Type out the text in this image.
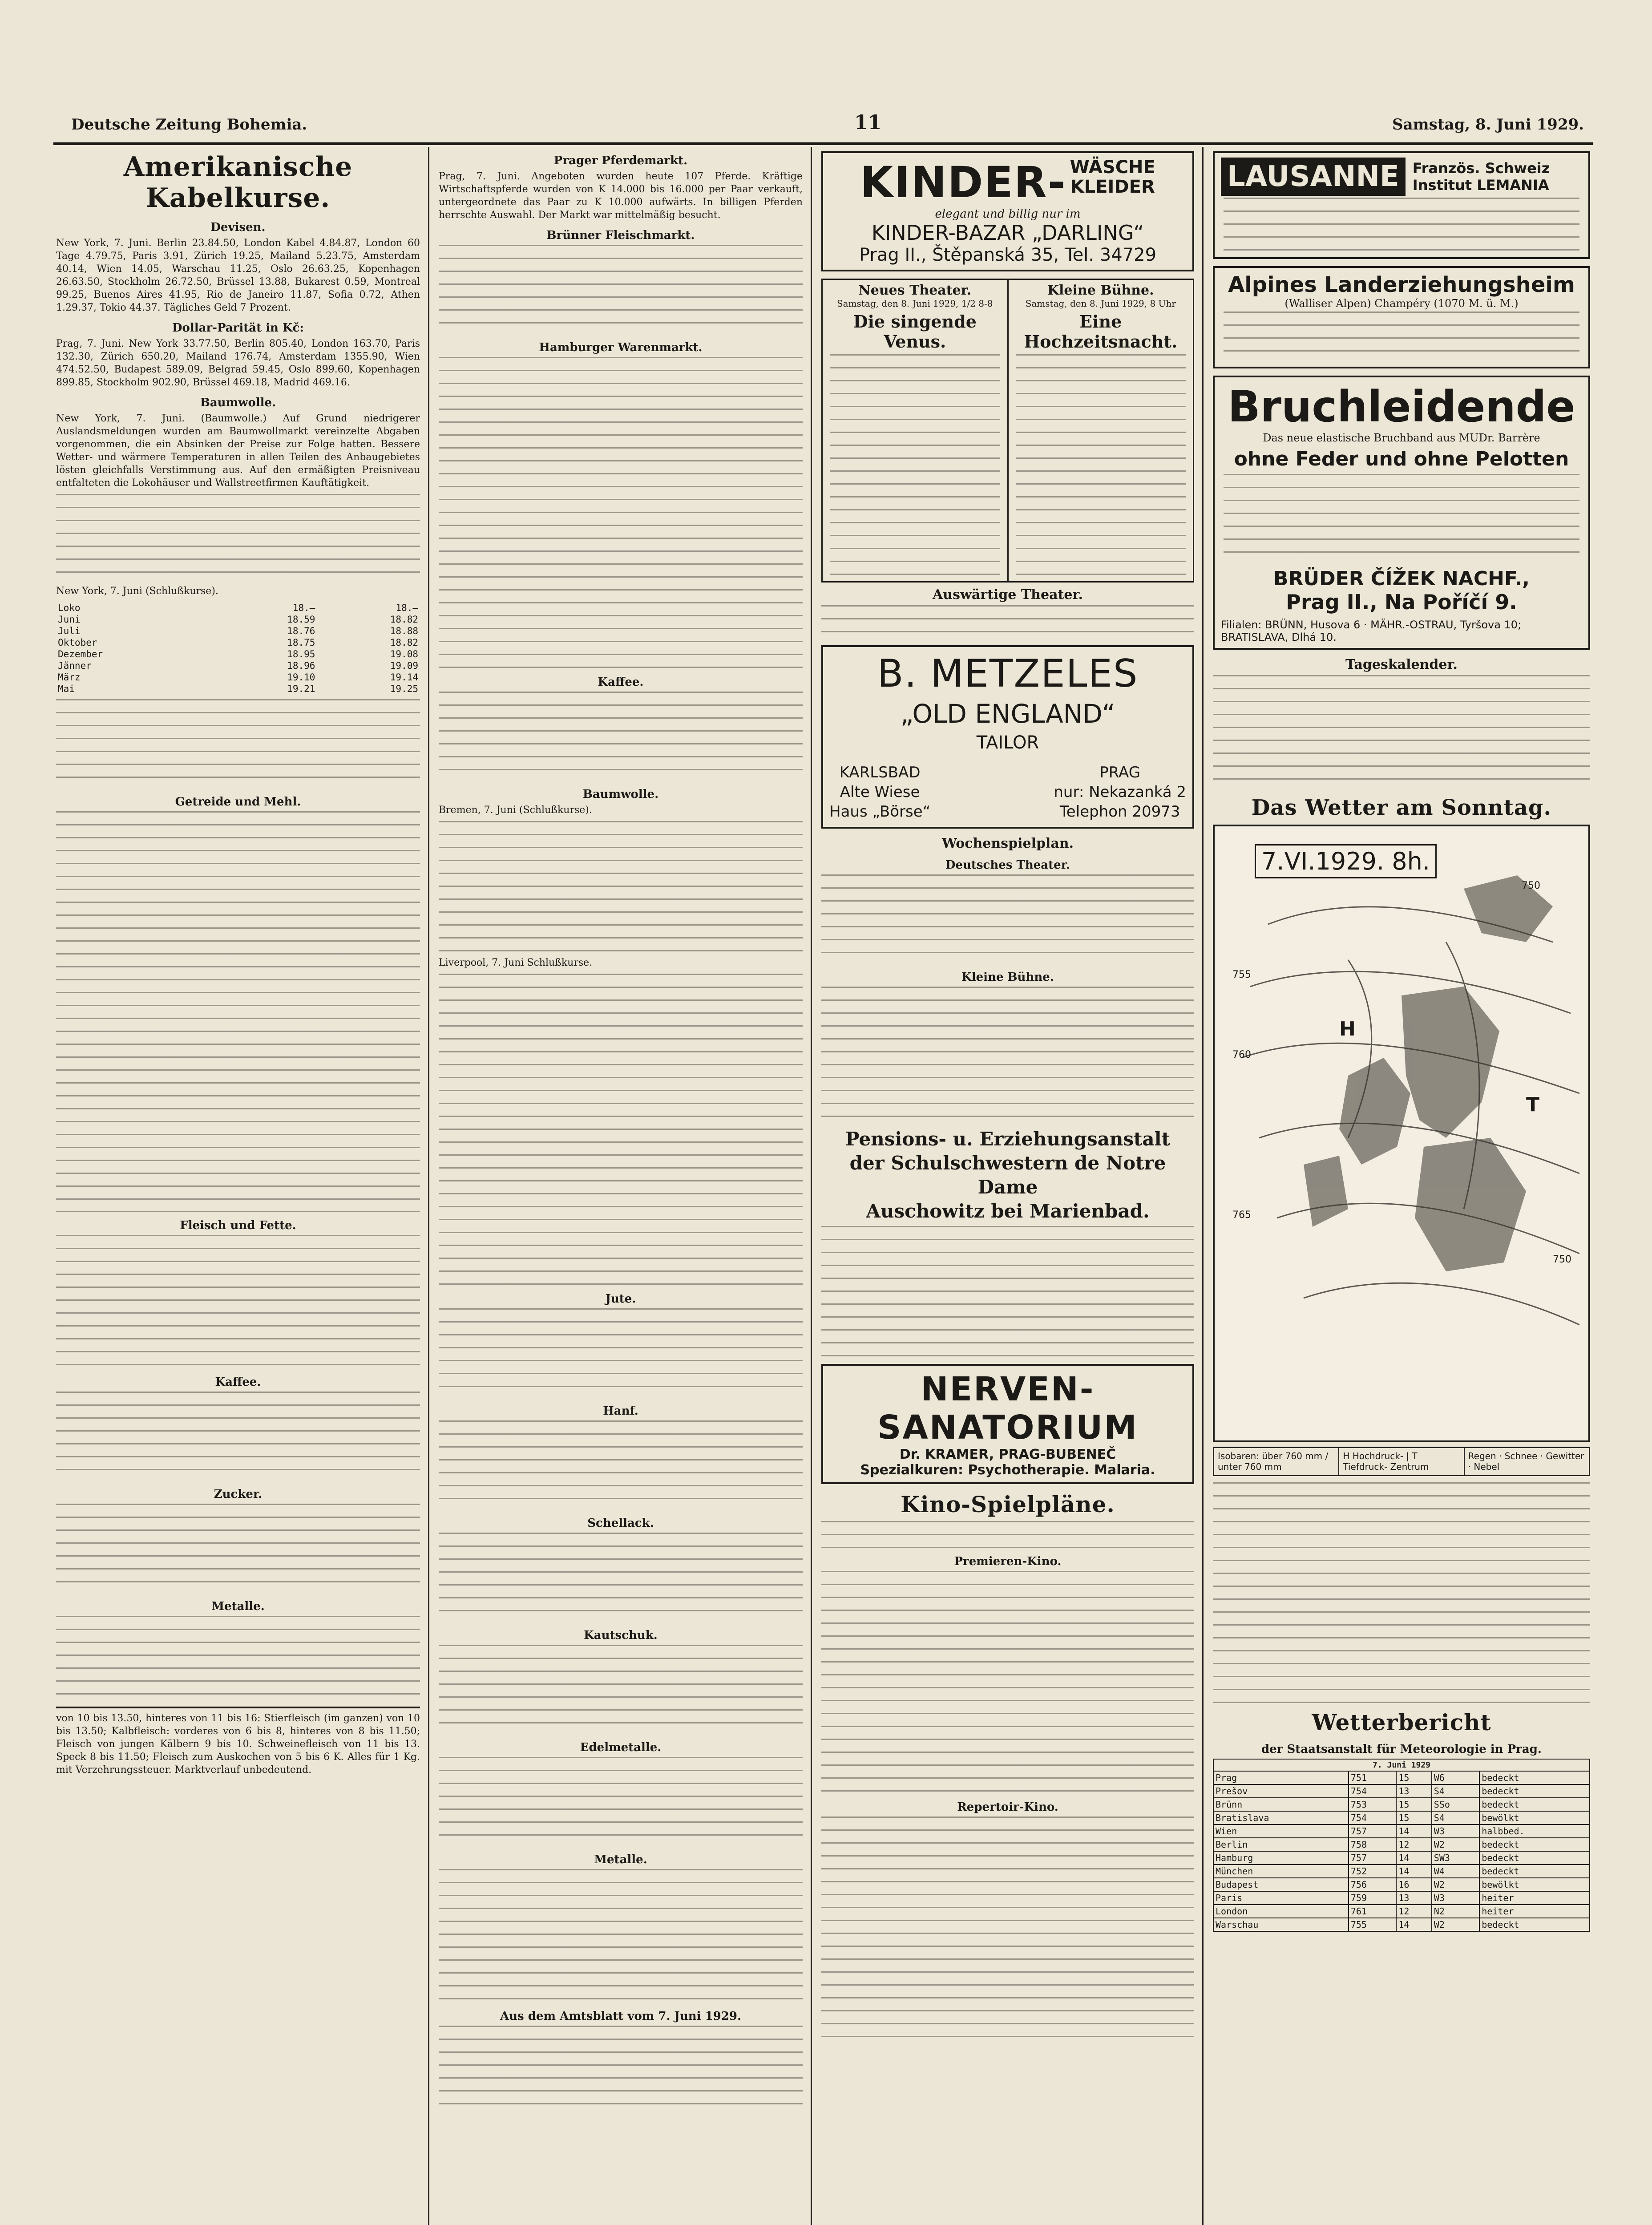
Deutsche Zeitung Bohemia.	11	Samstag, 8. Juni 1929.
Amerikanische Kabelkurse.
Devisen.

New York, 7. Juni. Berlin 23.84.50, London Kabel 4.84.87, London 60 Tage 4.79.75, Paris 3.91, Zürich 19.25, Mailand 5.23.75, Amsterdam 40.14, Wien 14.05, Warschau 11.25, Oslo 26.63.25, Kopenhagen 26.63.50, Stockholm 26.72.50, Brüssel 13.88, Bukarest 0.59, Montreal 99.25, Buenos Aires 41.95, Rio de Janeiro 11.87, Sofia 0.72, Athen 1.29.37, Tokio 44.37. Tägliches Geld 7 Prozent.

Dollar-Parität in Kč:

Prag, 7. Juni. New York 33.77.50, Berlin 805.40, London 163.70, Paris 132.30, Zürich 650.20, Mailand 176.74, Amsterdam 1355.90, Wien 474.52.50, Budapest 589.09, Belgrad 59.45, Oslo 899.60, Kopenhagen 899.85, Stockholm 902.90, Brüssel 469.18, Madrid 469.16.

Baumwolle.

New York, 7. Juni. (Baumwolle.) Auf Grund niedrigerer Auslandsmeldungen wurden am Baumwollmarkt vereinzelte Abgaben vorgenommen, die ein Absinken der Preise zur Folge hatten. Bessere Wetter- und wärmere Temperaturen in allen Teilen des Anbaugebietes lösten gleichfalls Verstimmung aus. Auf den ermäßigten Preisniveau entfalteten die Lokohäuser und Wallstreetfirmen Kauftätigkeit.

New York, 7. Juni (Schlußkurse).

Loko	18.—	18.—
Juni	18.59	18.82
Juli	18.76	18.88
Oktober	18.75	18.82
Dezember	18.95	19.08
Jänner	18.96	19.09
März	19.10	19.14
Mai	19.21	19.25
Getreide und Mehl.
Fleisch und Fette.
Kaffee.
Zucker.
Metalle.

von 10 bis 13.50, hinteres von 11 bis 16: Stierfleisch (im ganzen) von 10 bis 13.50; Kalbfleisch: vorderes von 6 bis 8, hinteres von 8 bis 11.50; Fleisch von jungen Kälbern 9 bis 10. Schweinefleisch von 11 bis 13. Speck 8 bis 11.50; Fleisch zum Auskochen von 5 bis 6 K. Alles für 1 Kg. mit Verzehrungssteuer. Marktverlauf unbedeutend.

Prager Pferdemarkt.

Prag, 7. Juni. Angeboten wurden heute 107 Pferde. Kräftige Wirtschaftspferde wurden von K 14.000 bis 16.000 per Paar verkauft, untergeordnete das Paar zu K 10.000 aufwärts. In billigen Pferden herrschte Auswahl. Der Markt war mittelmäßig besucht.

Brünner Fleischmarkt.
Hamburger Warenmarkt.
Kaffee.
Baumwolle.

Bremen, 7. Juni (Schlußkurse).

Liverpool, 7. Juni Schlußkurse.

Jute.
Hanf.
Schellack.
Kautschuk.
Edelmetalle.
Metalle.
Aus dem Amtsblatt vom 7. Juni 1929.
KINDER- WÄSCHE
KLEIDER
elegant und billig nur im
KINDER-BAZAR „DARLING“
Prag II., Štěpanská 35, Tel. 34729
Neues Theater.
Samstag, den 8. Juni 1929, 1/2 8-8
Die singende Venus.
Kleine Bühne.
Samstag, den 8. Juni 1929, 8 Uhr
Eine Hochzeitsnacht.
Auswärtige Theater.
B. METZELES
„OLD ENGLAND“
TAILOR
KARLSBAD
Alte Wiese
Haus „Börse“
PRAG
nur: Nekazanká 2
Telephon 20973
Wochenspielplan.
Deutsches Theater.
Kleine Bühne.
Pensions- u. Erziehungsanstalt
der Schulschwestern de Notre Dame
Auschowitz bei Marienbad.
NERVEN-SANATORIUM
Dr. KRAMER, PRAG-BUBENEČ
Spezialkuren: Psychotherapie. Malaria.
Kino-Spielpläne.
Premieren-Kino.
Repertoir-Kino.
LAUSANNE Französ. Schweiz
Institut LEMANIA
Alpines Landerziehungsheim
(Walliser Alpen) Champéry (1070 M. ü. M.)
Bruchleidende
Das neue elastische Bruchband aus MUDr. Barrère
ohne Feder und ohne Pelotten
BRÜDER ČÍŽEK NACHF.,
Prag II., Na Poříčí 9.
Filialen: BRÜNN, Husova 6 · MÄHR.-OSTRAU, Tyršova 10; BRATISLAVA, Dlhá 10.
Tageskalender.
Das Wetter am Sonntag.
750
755
760
765
750
H
T
7.VI.1929. 8h.
Isobaren: über 760 mm / unter 760 mm
H Hochdruck- | T Tiefdruck- Zentrum
Regen · Schnee · Gewitter · Nebel
Wetterbericht
der Staatsanstalt für Meteorologie in Prag.
7. Juni 1929				
Prag	751	15	W6	bedeckt
Prešov	754	13	S4	bedeckt
Brünn	753	15	SSo	bedeckt
Bratislava	754	15	S4	bewölkt
Wien	757	14	W3	halbbed.
Berlin	758	12	W2	bedeckt
Hamburg	757	14	SW3	bedeckt
München	752	14	W4	bedeckt
Budapest	756	16	W2	bewölkt
Paris	759	13	W3	heiter
London	761	12	N2	heiter
Warschau	755	14	W2	bedeckt
